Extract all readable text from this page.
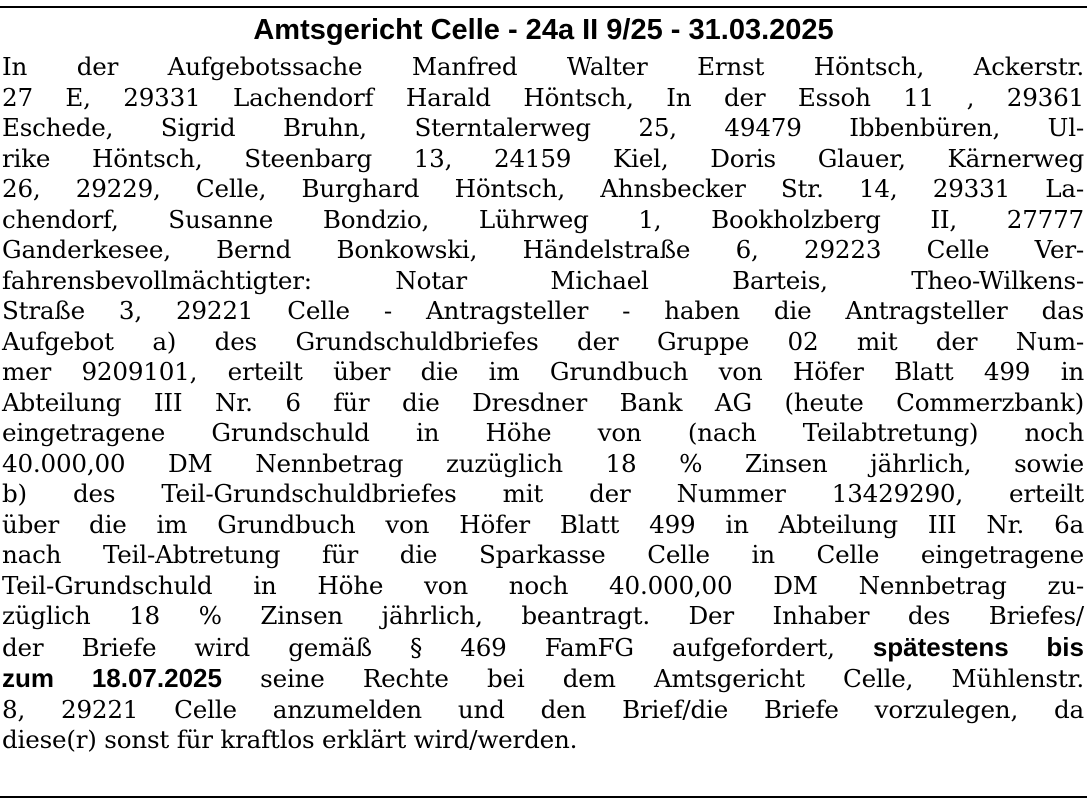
Amtsgericht Celle - 24a II 9/25 - 31.03.2025
In der Aufgebotssache Manfred Walter Ernst Höntsch, Ackerstr.
27 E, 29331 Lachendorf Harald Höntsch, In der Essoh 11 , 29361
Eschede, Sigrid Bruhn, Sterntalerweg 25, 49479 Ibbenbüren, Ul-
rike Höntsch, Steenbarg 13, 24159 Kiel, Doris Glauer, Kärnerweg
26, 29229, Celle, Burghard Höntsch, Ahnsbecker Str. 14, 29331 La-
chendorf, Susanne Bondzio, Lührweg 1, Bookholzberg II, 27777
Ganderkesee, Bernd Bonkowski, Händelstraße 6, 29223 Celle Ver-
fahrensbevollmächtigter: Notar Michael Barteis, Theo-Wilkens-
Straße 3, 29221 Celle - Antragsteller - haben die Antragsteller das
Aufgebot a) des Grundschuldbriefes der Gruppe 02 mit der Num-
mer 9209101, erteilt über die im Grundbuch von Höfer Blatt 499 in
Abteilung III Nr. 6 für die Dresdner Bank AG (heute Commerzbank)
eingetragene Grundschuld in Höhe von (nach Teilabtretung) noch
40.000,00 DM Nennbetrag zuzüglich 18 % Zinsen jährlich, sowie
b) des Teil-Grundschuldbriefes mit der Nummer 13429290, erteilt
über die im Grundbuch von Höfer Blatt 499 in Abteilung III Nr. 6a
nach Teil-Abtretung für die Sparkasse Celle in Celle eingetragene
Teil-Grundschuld in Höhe von noch 40.000,00 DM Nennbetrag zu-
züglich 18 % Zinsen jährlich, beantragt. Der Inhaber des Briefes/
der Briefe wird gemäß § 469 FamFG aufgefordert, spätestens bis
zum 18.07.2025 seine Rechte bei dem Amtsgericht Celle, Mühlenstr.
8, 29221 Celle anzumelden und den Brief/die Briefe vorzulegen, da
diese(r) sonst für kraftlos erklärt wird/werden.
